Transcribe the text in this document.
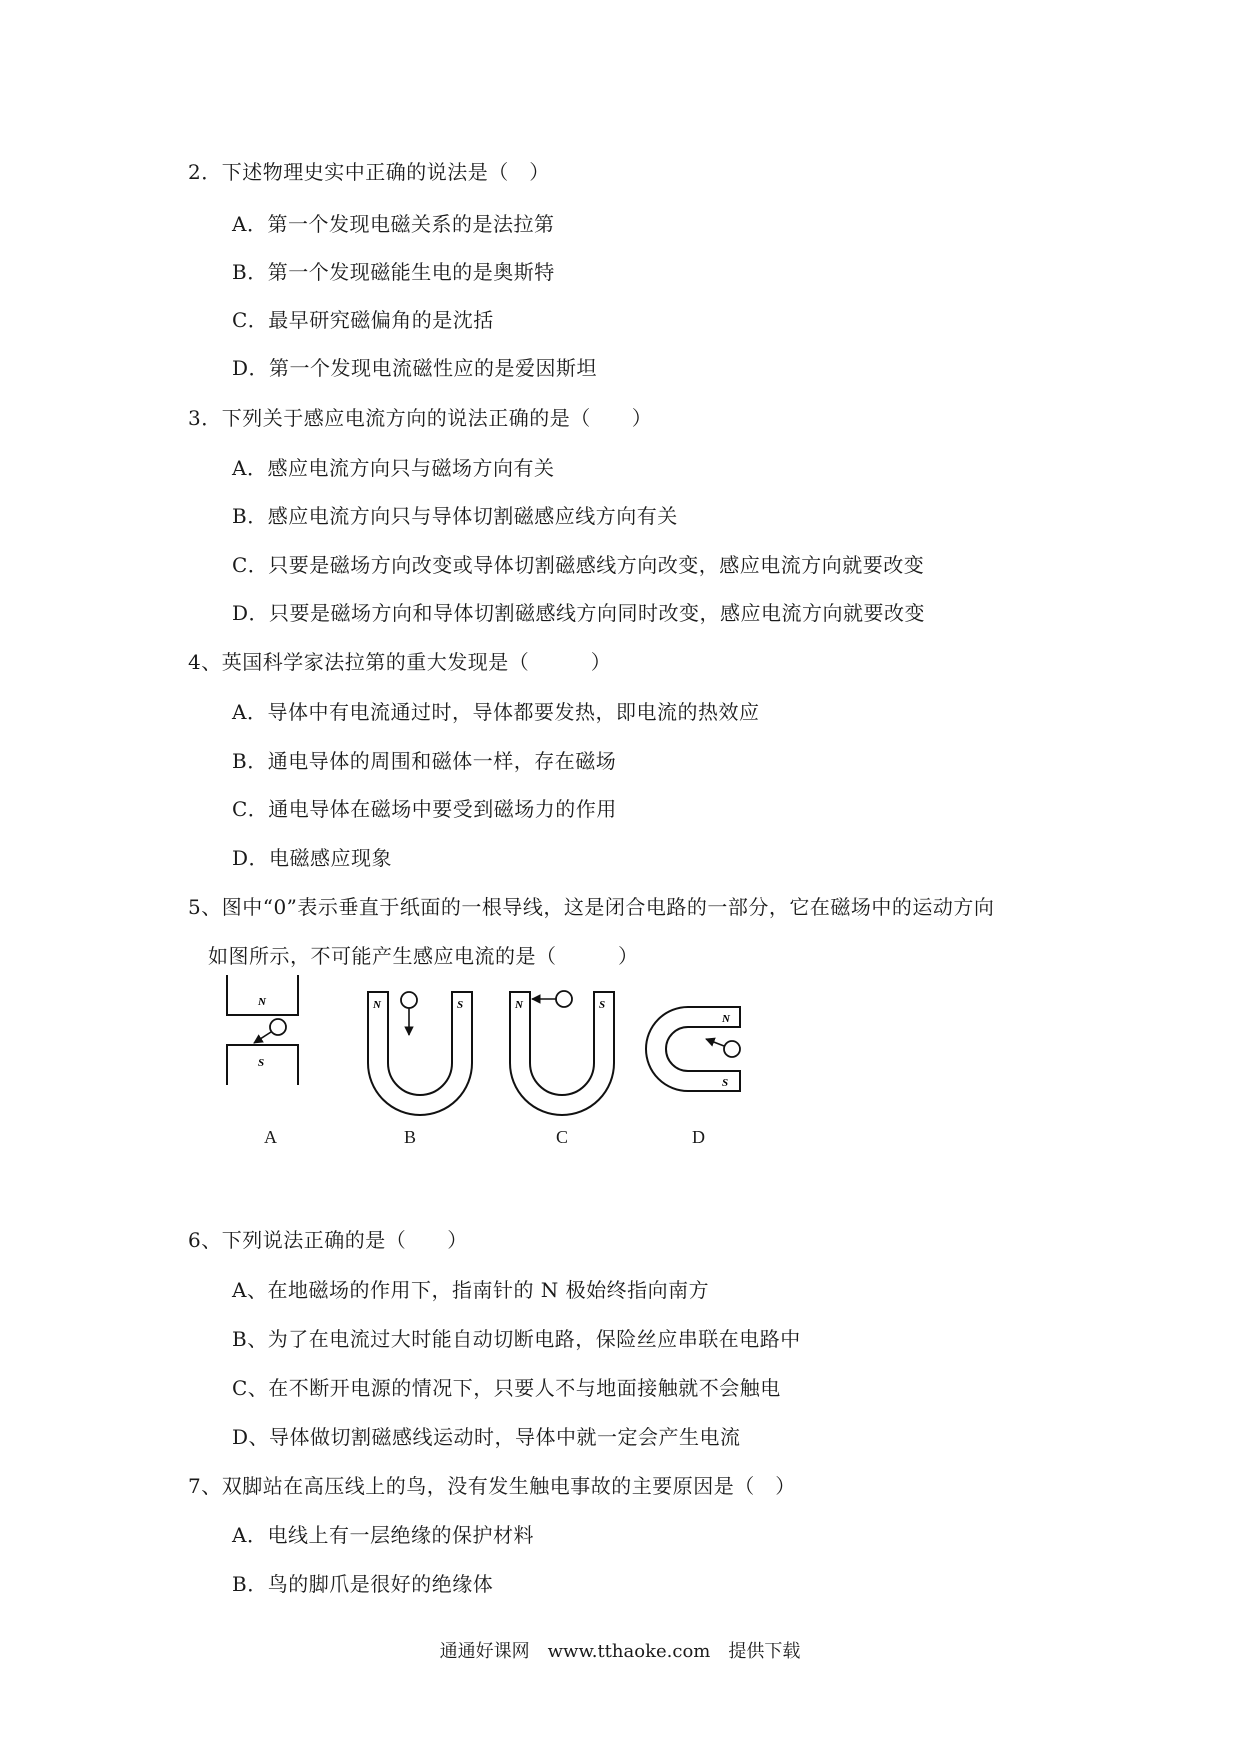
2．下述物理史实中正确的说法是（　）
A．第一个发现电磁关系的是法拉第
B．第一个发现磁能生电的是奥斯特
C．最早研究磁偏角的是沈括
D．第一个发现电流磁性应的是爱因斯坦
3．下列关于感应电流方向的说法正确的是（　　）
A．感应电流方向只与磁场方向有关
B．感应电流方向只与导体切割磁感应线方向有关
C．只要是磁场方向改变或导体切割磁感线方向改变，感应电流方向就要改变
D．只要是磁场方向和导体切割磁感线方向同时改变，感应电流方向就要改变
4、英国科学家法拉第的重大发现是（　　　）
A．导体中有电流通过时，导体都要发热，即电流的热效应
B．通电导体的周围和磁体一样，存在磁场
C．通电导体在磁场中要受到磁场力的作用
D．电磁感应现象
5、图中“0”表示垂直于纸面的一根导线，这是闭合电路的一部分，它在磁场中的运动方向
如图所示，不可能产生感应电流的是（　　　）
N
S
N	S	N	S
N
S
A	B	C	D
6、下列说法正确的是（　　）
A、在地磁场的作用下，指南针的 N 极始终指向南方
B、为了在电流过大时能自动切断电路，保险丝应串联在电路中
C、在不断开电源的情况下，只要人不与地面接触就不会触电
D、导体做切割磁感线运动时，导体中就一定会产生电流
7、双脚站在高压线上的鸟，没有发生触电事故的主要原因是（　）
A．电线上有一层绝缘的保护材料
B．鸟的脚爪是很好的绝缘体
通通好课网　www.tthaoke.com　提供下载
